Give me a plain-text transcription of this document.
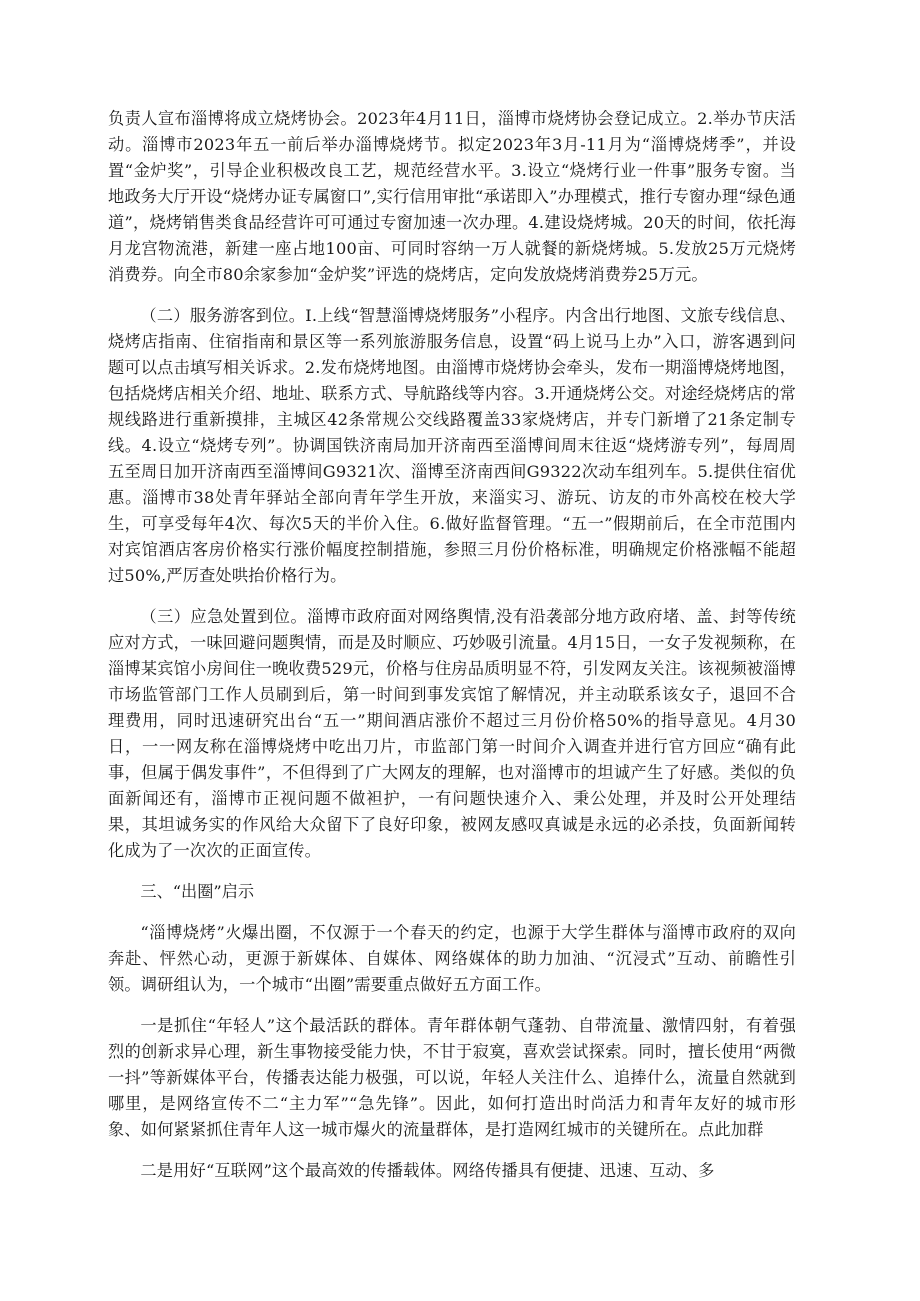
负责人宣布淄博将成立烧烤协会。2023年4月11日，淄博市烧烤协会登记成立。2.举办节庆活动。淄博市2023年五一前后举办淄博烧烤节。拟定2023年3月-11月为“淄博烧烤季”，并设置“金炉奖”，引导企业积极改良工艺，规范经营水平。3.设立“烧烤行业一件事”服务专窗。当地政务大厅开设“烧烤办证专属窗口”,实行信用审批“承诺即入”办理模式，推行专窗办理“绿色通道”，烧烤销售类食品经营许可可通过专窗加速一次办理。4.建设烧烤城。20天的时间，依托海月龙宫物流港，新建一座占地100亩、可同时容纳一万人就餐的新烧烤城。5.发放25万元烧烤消费券。向全市80余家参加“金炉奖”评选的烧烤店，定向发放烧烤消费券25万元。

（二）服务游客到位。I.上线“智慧淄博烧烤服务”小程序。内含出行地图、文旅专线信息、烧烤店指南、住宿指南和景区等一系列旅游服务信息，设置“码上说马上办”入口，游客遇到问题可以点击填写相关诉求。2.发布烧烤地图。由淄博市烧烤协会牵头，发布一期淄博烧烤地图，包括烧烤店相关介绍、地址、联系方式、导航路线等内容。3.开通烧烤公交。对途经烧烤店的常规线路进行重新摸排，主城区42条常规公交线路覆盖33家烧烤店，并专门新增了21条定制专线。4.设立“烧烤专列”。协调国铁济南局加开济南西至淄博间周末往返“烧烤游专列”，每周周五至周日加开济南西至淄博间G9321次、淄博至济南西间G9322次动车组列车。5.提供住宿优惠。淄博市38处青年驿站全部向青年学生开放，来淄实习、游玩、访友的市外高校在校大学生，可享受每年4次、每次5天的半价入住。6.做好监督管理。“五一”假期前后，在全市范围内对宾馆酒店客房价格实行涨价幅度控制措施，参照三月份价格标准，明确规定价格涨幅不能超过50%,严厉查处哄抬价格行为。

（三）应急处置到位。淄博市政府面对网络舆情,没有沿袭部分地方政府堵、盖、封等传统应对方式，一味回避问题舆情，而是及时顺应、巧妙吸引流量。4月15日，一女子发视频称，在淄博某宾馆小房间住一晚收费529元，价格与住房品质明显不符，引发网友关注。该视频被淄博市场监管部门工作人员刷到后，第一时间到事发宾馆了解情况，并主动联系该女子，退回不合理费用，同时迅速研究出台“五一”期间酒店涨价不超过三月份价格50%的指导意见。4月30日，一一网友称在淄博烧烤中吃出刀片，市监部门第一时间介入调查并进行官方回应“确有此事，但属于偶发事件”，不但得到了广大网友的理解，也对淄博市的坦诚产生了好感。类似的负面新闻还有，淄博市正视问题不做袒护，一有问题快速介入、秉公处理，并及时公开处理结果，其坦诚务实的作风给大众留下了良好印象，被网友感叹真诚是永远的必杀技，负面新闻转化成为了一次次的正面宣传。

三、“出圈”启示

“淄博烧烤”火爆出圈，不仅源于一个春天的约定，也源于大学生群体与淄博市政府的双向奔赴、怦然心动，更源于新媒体、自媒体、网络媒体的助力加油、“沉浸式”互动、前瞻性引领。调研组认为，一个城市“出圈”需要重点做好五方面工作。

一是抓住“年轻人”这个最活跃的群体。青年群体朝气蓬勃、自带流量、激情四射，有着强烈的创新求异心理，新生事物接受能力快，不甘于寂寞，喜欢尝试探索。同时，擅长使用“两微一抖”等新媒体平台，传播表达能力极强，可以说，年轻人关注什么、追捧什么，流量自然就到哪里，是网络宣传不二“主力军”“急先锋”。因此，如何打造出时尚活力和青年友好的城市形象、如何紧紧抓住青年人这一城市爆火的流量群体，是打造网红城市的关键所在。点此加群

二是用好“互联网”这个最高效的传播载体。网络传播具有便捷、迅速、互动、多
